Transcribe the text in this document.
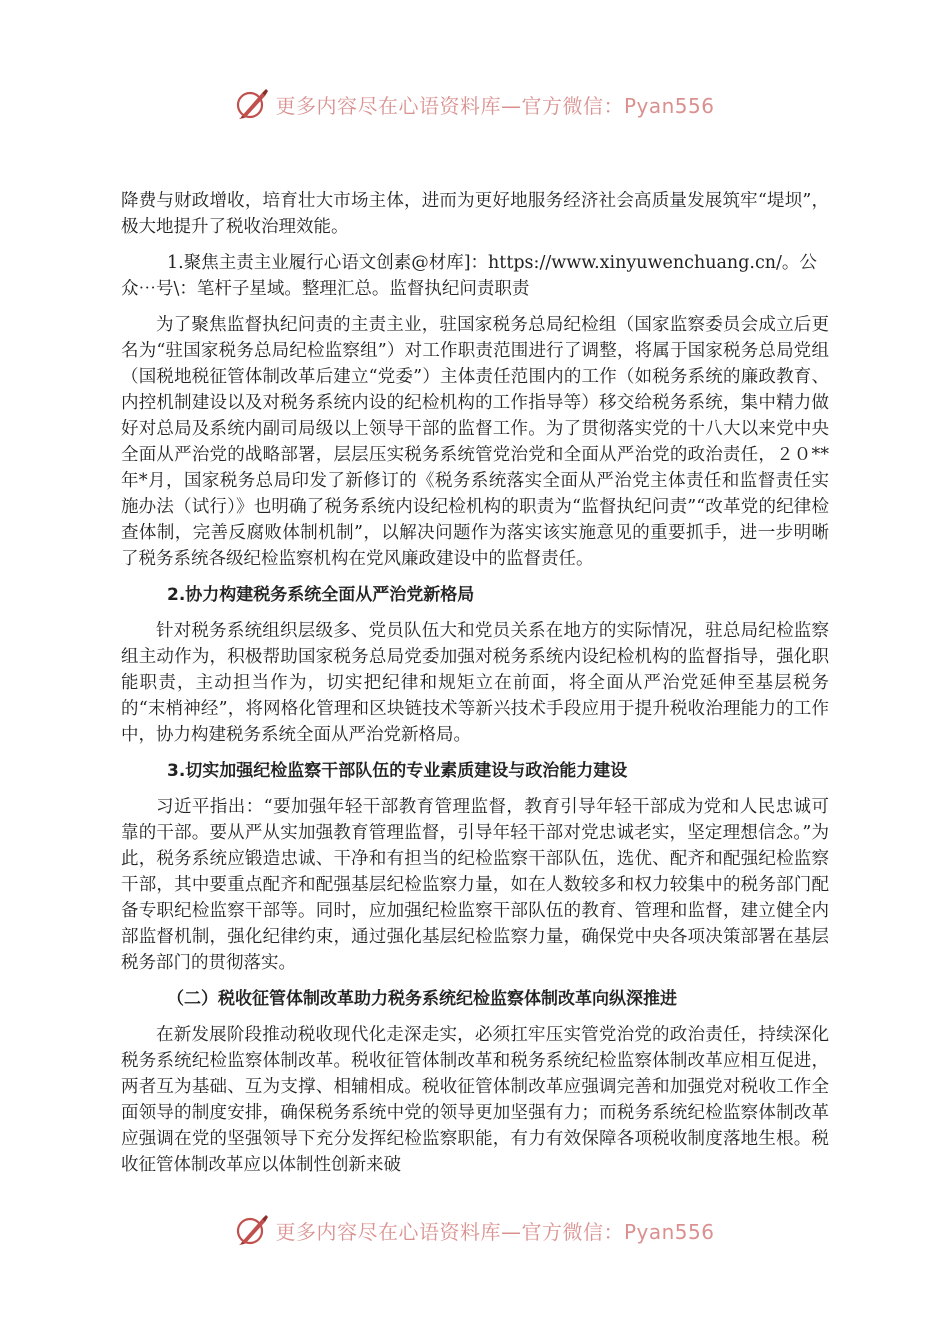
更多内容尽在心语资料库—官方微信：Pyan556

降费与财政增收，培育壮大市场主体，进而为更好地服务经济社会高质量发展筑牢“堤坝”，极大地提升了税收治理效能。

1.聚焦主责主业履行心语文创素@材库]：https://www.xinyuwenchuang.cn/。公

众⋯号\：笔杆子星域。整理汇总。监督执纪问责职责

为了聚焦监督执纪问责的主责主业，驻国家税务总局纪检组（国家监察委员会成立后更名为“驻国家税务总局纪检监察组”）对工作职责范围进行了调整，将属于国家税务总局党组（国税地税征管体制改革后建立“党委”）主体责任范围内的工作（如税务系统的廉政教育、内控机制建设以及对税务系统内设的纪检机构的工作指导等）移交给税务系统，集中精力做好对总局及系统内副司局级以上领导干部的监督工作。为了贯彻落实党的十八大以来党中央全面从严治党的战略部署，层层压实税务系统管党治党和全面从严治党的政治责任，２０**年*月，国家税务总局印发了新修订的《税务系统落实全面从严治党主体责任和监督责任实施办法（试行）》也明确了税务系统内设纪检机构的职责为“监督执纪问责”“改革党的纪律检查体制，完善反腐败体制机制”，以解决问题作为落实该实施意见的重要抓手，进一步明晰了税务系统各级纪检监察机构在党风廉政建设中的监督责任。

2.协力构建税务系统全面从严治党新格局

针对税务系统组织层级多、党员队伍大和党员关系在地方的实际情况，驻总局纪检监察组主动作为，积极帮助国家税务总局党委加强对税务系统内设纪检机构的监督指导，强化职能职责，主动担当作为，切实把纪律和规矩立在前面，将全面从严治党延伸至基层税务的“末梢神经”，将网格化管理和区块链技术等新兴技术手段应用于提升税收治理能力的工作中，协力构建税务系统全面从严治党新格局。

3.切实加强纪检监察干部队伍的专业素质建设与政治能力建设

习近平指出：“要加强年轻干部教育管理监督，教育引导年轻干部成为党和人民忠诚可靠的干部。要从严从实加强教育管理监督，引导年轻干部对党忠诚老实，坚定理想信念。”为此，税务系统应锻造忠诚、干净和有担当的纪检监察干部队伍，选优、配齐和配强纪检监察干部，其中要重点配齐和配强基层纪检监察力量，如在人数较多和权力较集中的税务部门配备专职纪检监察干部等。同时，应加强纪检监察干部队伍的教育、管理和监督，建立健全内部监督机制，强化纪律约束，通过强化基层纪检监察力量，确保党中央各项决策部署在基层税务部门的贯彻落实。

（二）税收征管体制改革助力税务系统纪检监察体制改革向纵深推进

在新发展阶段推动税收现代化走深走实，必须扛牢压实管党治党的政治责任，持续深化税务系统纪检监察体制改革。税收征管体制改革和税务系统纪检监察体制改革应相互促进，两者互为基础、互为支撑、相辅相成。税收征管体制改革应强调完善和加强党对税收工作全面领导的制度安排，确保税务系统中党的领导更加坚强有力；而税务系统纪检监察体制改革应强调在党的坚强领导下充分发挥纪检监察职能，有力有效保障各项税收制度落地生根。税收征管体制改革应以体制性创新来破

更多内容尽在心语资料库—官方微信：Pyan556
